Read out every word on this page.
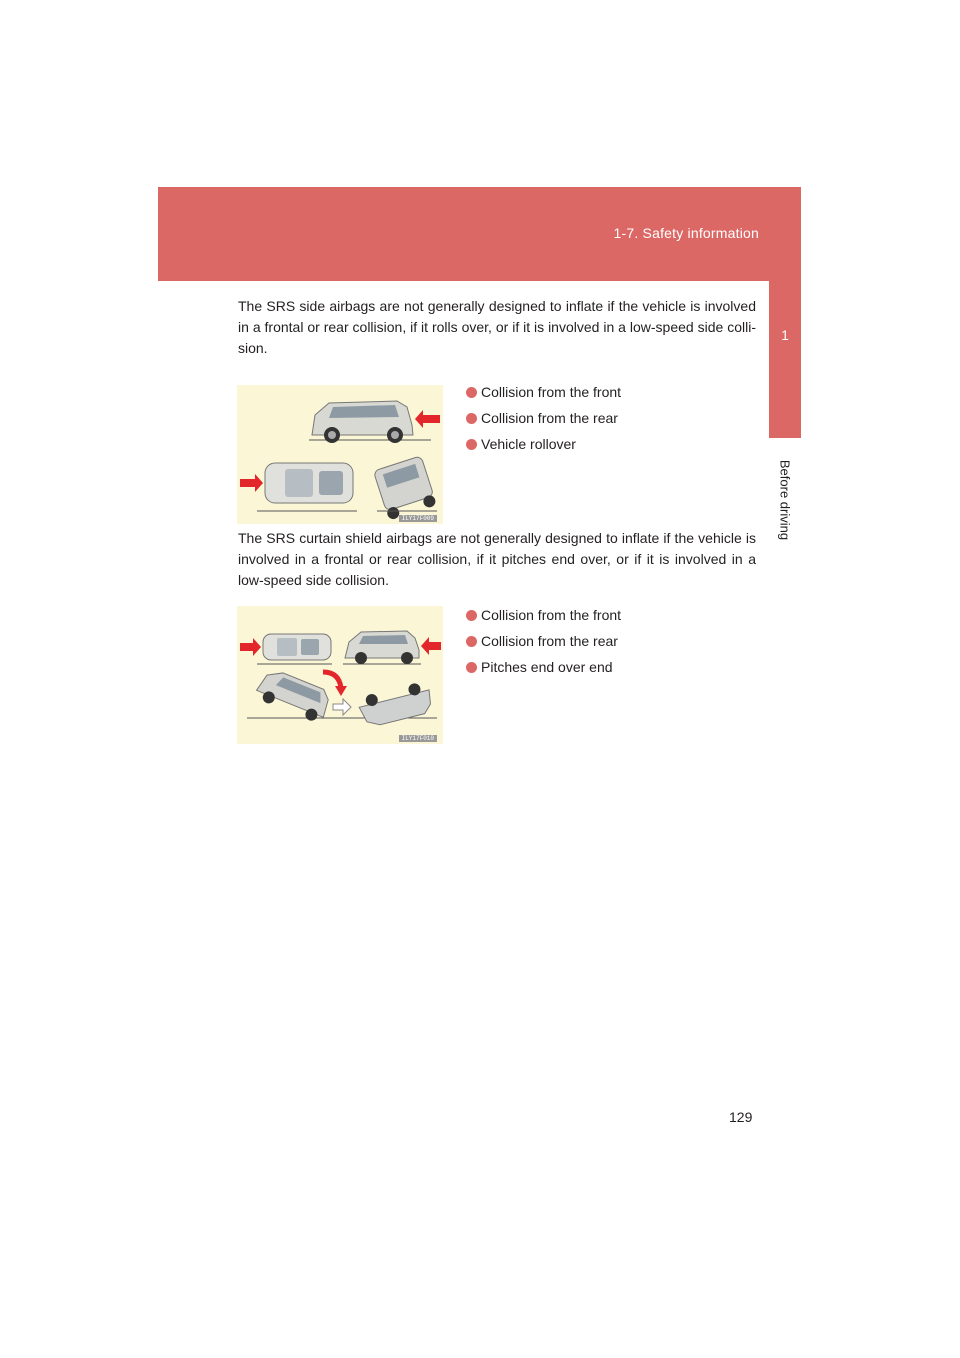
1-7. Safety information
1
Before driving

The SRS side airbags are not generally designed to inflate if the vehicle is involved in a frontal or rear collision, if it rolls over, or if it is involved in a low-speed side colli-sion.

ILY17F009
Collision from the front
Collision from the rear
Vehicle rollover

The SRS curtain shield airbags are not generally designed to inflate if the vehicle is involved in a frontal or rear collision, if it pitches end over, or if it is involved in a low-speed side collision.

ILY17F010
Collision from the front
Collision from the rear
Pitches end over end
129
